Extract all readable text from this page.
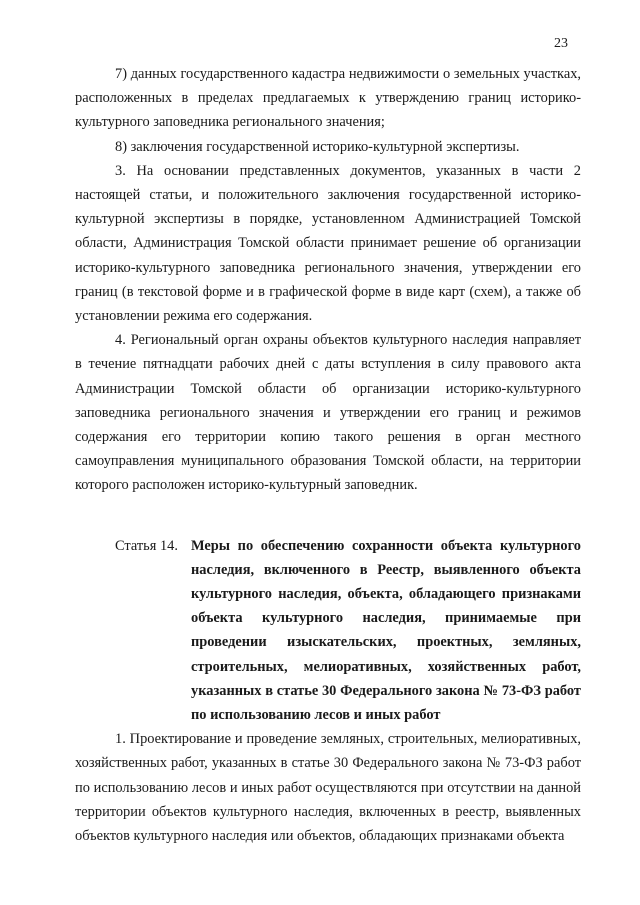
23

7) данных государственного кадастра недвижимости о земельных участках, расположенных в пределах предлагаемых к утверждению границ историко-культурного заповедника регионального значения;

8) заключения государственной историко-культурной экспертизы.

3. На основании представленных документов, указанных в части 2 настоящей статьи, и положительного заключения государственной историко-культурной экспертизы в порядке, установленном Администрацией Томской области, Администрация Томской области принимает решение об организации историко-культурного заповедника регионального значения, утверждении его границ (в текстовой форме и в графической форме в виде карт (схем), а также об установлении режима его содержания.

4. Региональный орган охраны объектов культурного наследия направляет в течение пятнадцати рабочих дней с даты вступления в силу правового акта Администрации Томской области об организации историко-культурного заповедника регионального значения и утверждении его границ и режимов содержания его территории копию такого решения в орган местного самоуправления муниципального образования Томской области, на территории которого расположен историко-культурный заповедник.

Статья 14. Меры по обеспечению сохранности объекта культурного наследия, включенного в Реестр, выявленного объекта культурного наследия, объекта, обладающего признаками объекта культурного наследия, принимаемые при проведении изыскательских, проектных, земляных, строительных, мелиоративных, хозяйственных работ, указанных в статье 30 Федерального закона № 73-ФЗ работ по использованию лесов и иных работ

1. Проектирование и проведение земляных, строительных, мелиоративных, хозяйственных работ, указанных в статье 30 Федерального закона № 73-ФЗ работ по использованию лесов и иных работ осуществляются при отсутствии на данной территории объектов культурного наследия, включенных в реестр, выявленных объектов культурного наследия или объектов, обладающих признаками объекта
